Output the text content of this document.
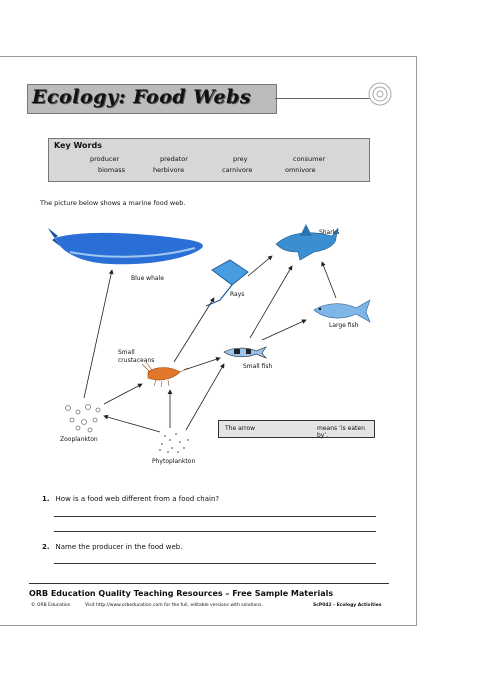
Ecology: Food Webs
Key Words
producer	predator	prey	consumer
biomass	herbivore	carnivore	omnivore
The picture below shows a marine food web.
Blue whale
Rays
Sharks
Large fish
Small fish
Small
crustaceans
Zooplankton
Phytoplankton
The arrow	means ‘is eaten by’.
1. How is a food web different from a food chain?
2. Name the producer in the food web.
ORB Education Quality Teaching Resources – Free Sample Materials
© ORB Education	Visit http://www.orbeducation.com for the full, editable versions with solutions.	ScP042 - Ecology Activities
